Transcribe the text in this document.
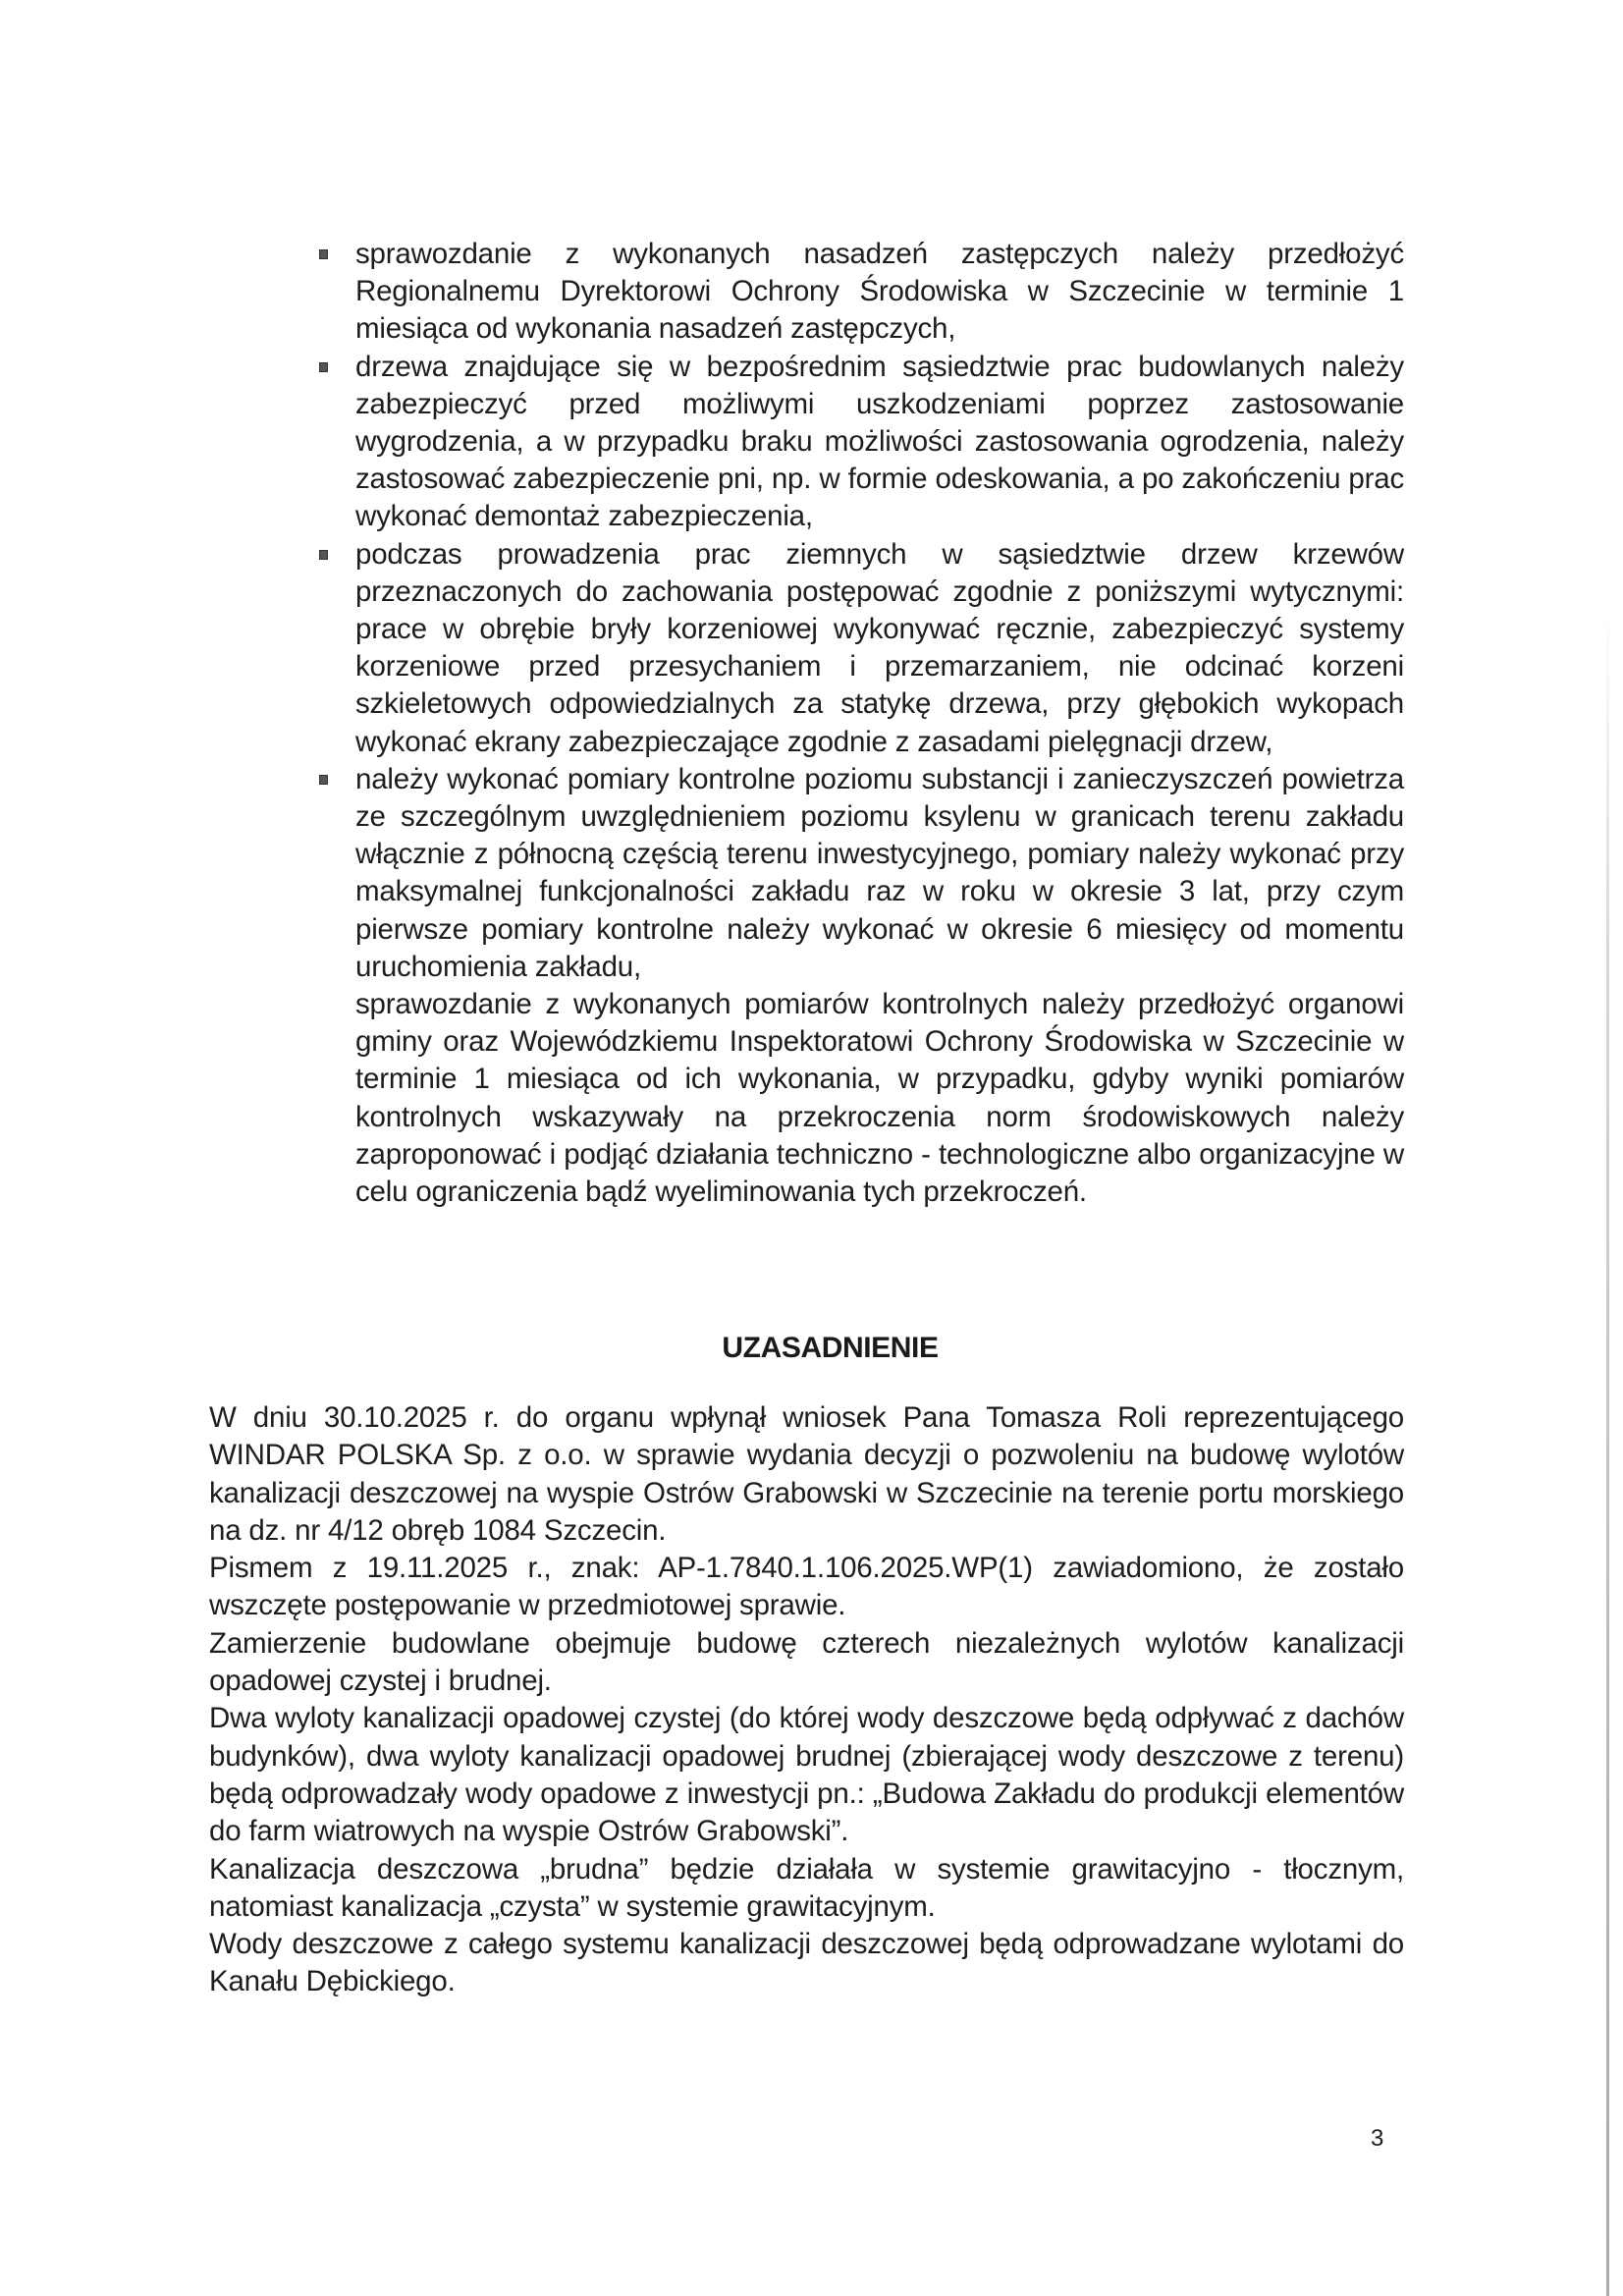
sprawozdanie z wykonanych nasadzeń zastępczych należy przedłożyć Regionalnemu Dyrektorowi Ochrony Środowiska w Szczecinie w terminie 1 miesiąca od wykonania nasadzeń zastępczych,
drzewa znajdujące się w bezpośrednim sąsiedztwie prac budowlanych należy zabezpieczyć przed możliwymi uszkodzeniami poprzez zastosowanie wygrodzenia, a w przypadku braku możliwości zastosowania ogrodzenia, należy zastosować zabezpieczenie pni, np. w formie odeskowania, a po zakończeniu prac wykonać demontaż zabezpieczenia,
podczas prowadzenia prac ziemnych w sąsiedztwie drzew krzewów przeznaczonych do zachowania postępować zgodnie z poniższymi wytycznymi: prace w obrębie bryły korzeniowej wykonywać ręcznie, zabezpieczyć systemy korzeniowe przed przesychaniem i przemarzaniem, nie odcinać korzeni szkieletowych odpowiedzialnych za statykę drzewa, przy głębokich wykopach wykonać ekrany zabezpieczające zgodnie z zasadami pielęgnacji drzew,
należy wykonać pomiary kontrolne poziomu substancji i zanieczyszczeń powietrza ze szczególnym uwzględnieniem poziomu ksylenu w granicach terenu zakładu włącznie z północną częścią terenu inwestycyjnego, pomiary należy wykonać przy maksymalnej funkcjonalności zakładu raz w roku w okresie 3 lat, przy czym pierwsze pomiary kontrolne należy wykonać w okresie 6 miesięcy od momentu uruchomienia zakładu,
sprawozdanie z wykonanych pomiarów kontrolnych należy przedłożyć organowi gminy oraz Wojewódzkiemu Inspektoratowi Ochrony Środowiska w Szczecinie w terminie 1 miesiąca od ich wykonania, w przypadku, gdyby wyniki pomiarów kontrolnych wskazywały na przekroczenia norm środowiskowych należy zaproponować i podjąć działania techniczno - technologiczne albo organizacyjne w celu ograniczenia bądź wyeliminowania tych przekroczeń.
UZASADNIENIE

W dniu 30.10.2025 r. do organu wpłynął wniosek Pana Tomasza Roli reprezentującego WINDAR POLSKA Sp. z o.o. w sprawie wydania decyzji o pozwoleniu na budowę wylotów kanalizacji deszczowej na wyspie Ostrów Grabowski w Szczecinie na terenie portu morskiego na dz. nr 4/12 obręb 1084 Szczecin.

Pismem z 19.11.2025 r., znak: AP-1.7840.1.106.2025.WP(1) zawiadomiono, że zostało wszczęte postępowanie w przedmiotowej sprawie.

Zamierzenie budowlane obejmuje budowę czterech niezależnych wylotów kanalizacji opadowej czystej i brudnej.

Dwa wyloty kanalizacji opadowej czystej (do której wody deszczowe będą odpływać z dachów budynków), dwa wyloty kanalizacji opadowej brudnej (zbierającej wody deszczowe z terenu) będą odprowadzały wody opadowe z inwestycji pn.: „Budowa Zakładu do produkcji elementów do farm wiatrowych na wyspie Ostrów Grabowski”.

Kanalizacja deszczowa „brudna” będzie działała w systemie grawitacyjno - tłocznym, natomiast kanalizacja „czysta” w systemie grawitacyjnym.

Wody deszczowe z całego systemu kanalizacji deszczowej będą odprowadzane wylotami do Kanału Dębickiego.

3
